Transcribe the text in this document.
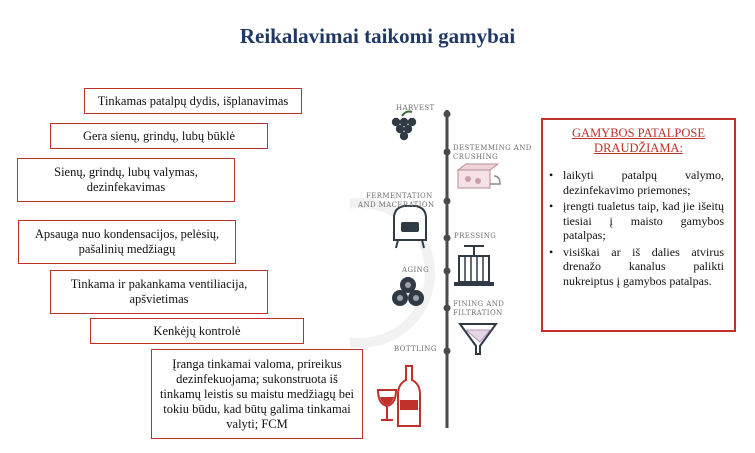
Reikalavimai taikomi gamybai
Tinkamas patalpų dydis, išplanavimas
Gera sienų, grindų, lubų būklė
Sienų, grindų, lubų valymas, dezinfekavimas
Apsauga nuo kondensacijos, pelėsių, pašalinių medžiagų
Tinkama ir pakankama ventiliacija, apšvietimas
Kenkėjų kontrolė
Įranga tinkamai valoma, prireikus dezinfekuojama; sukonstruota iš tinkamų leistis su maistu medžiagų bei tokiu būdu, kad būtų galima tinkamai valyti; FCM
HARVEST
DESTEMMING AND
CRUSHING
FERMENTATION
AND MACERATION
PRESSING
AGING
FINING AND
FILTRATION
BOTTLING
GAMYBOS PATALPOSE
DRAUDŽIAMA:
• laikyti patalpų valymo, dezinfekavimo priemones;
• įrengti tualetus taip, kad jie išeitų tiesiai į maisto gamybos patalpas;
• visiškai ar iš dalies atvirus drenažo kanalus palikti nukreiptus į gamybos patalpas.
